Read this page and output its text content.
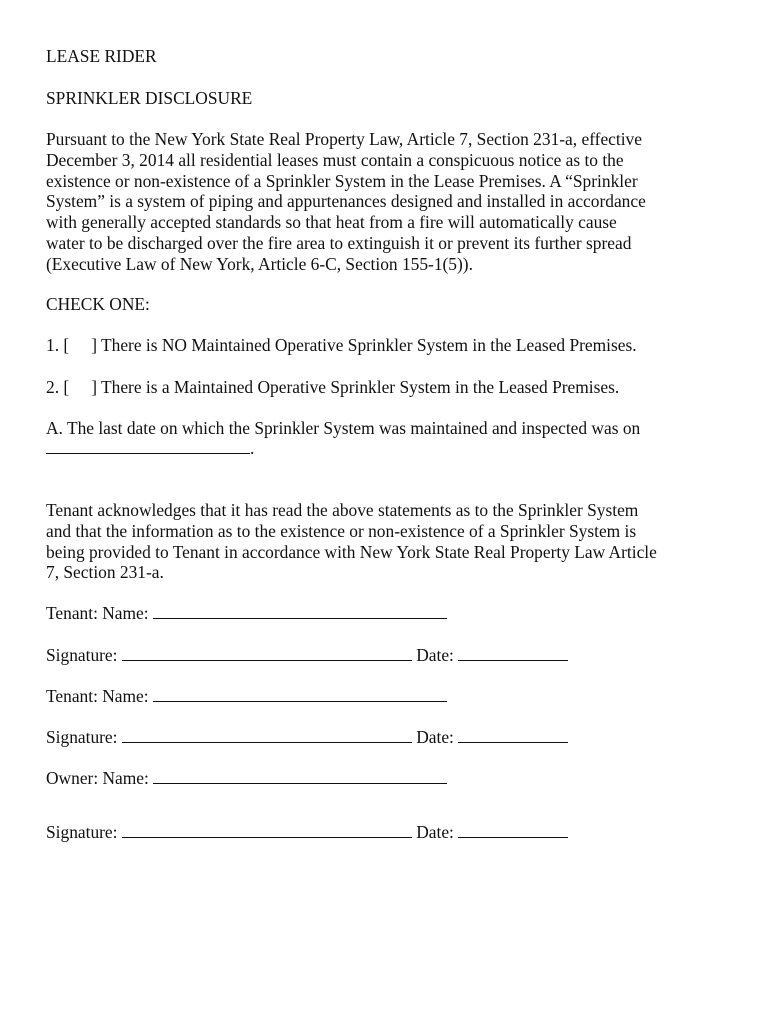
LEASE RIDER
SPRINKLER DISCLOSURE
Pursuant to the New York State Real Property Law, Article 7, Section 231-a, effective
December 3, 2014 all residential leases must contain a conspicuous notice as to the
existence or non-existence of a Sprinkler System in the Lease Premises. A “Sprinkler
System” is a system of piping and appurtenances designed and installed in accordance
with generally accepted standards so that heat from a fire will automatically cause
water to be discharged over the fire area to extinguish it or prevent its further spread
(Executive Law of New York, Article 6-C, Section 155-1(5)).
CHECK ONE:
1. [ ] There is NO Maintained Operative Sprinkler System in the Leased Premises.
2. [ ] There is a Maintained Operative Sprinkler System in the Leased Premises.
A. The last date on which the Sprinkler System was maintained and inspected was on
.
Tenant acknowledges that it has read the above statements as to the Sprinkler System
and that the information as to the existence or non-existence of a Sprinkler System is
being provided to Tenant in accordance with New York State Real Property Law Article
7, Section 231-a.
Tenant: Name:
Signature:	Date:
Tenant: Name:
Signature:	Date:
Owner: Name:
Signature:	Date:
